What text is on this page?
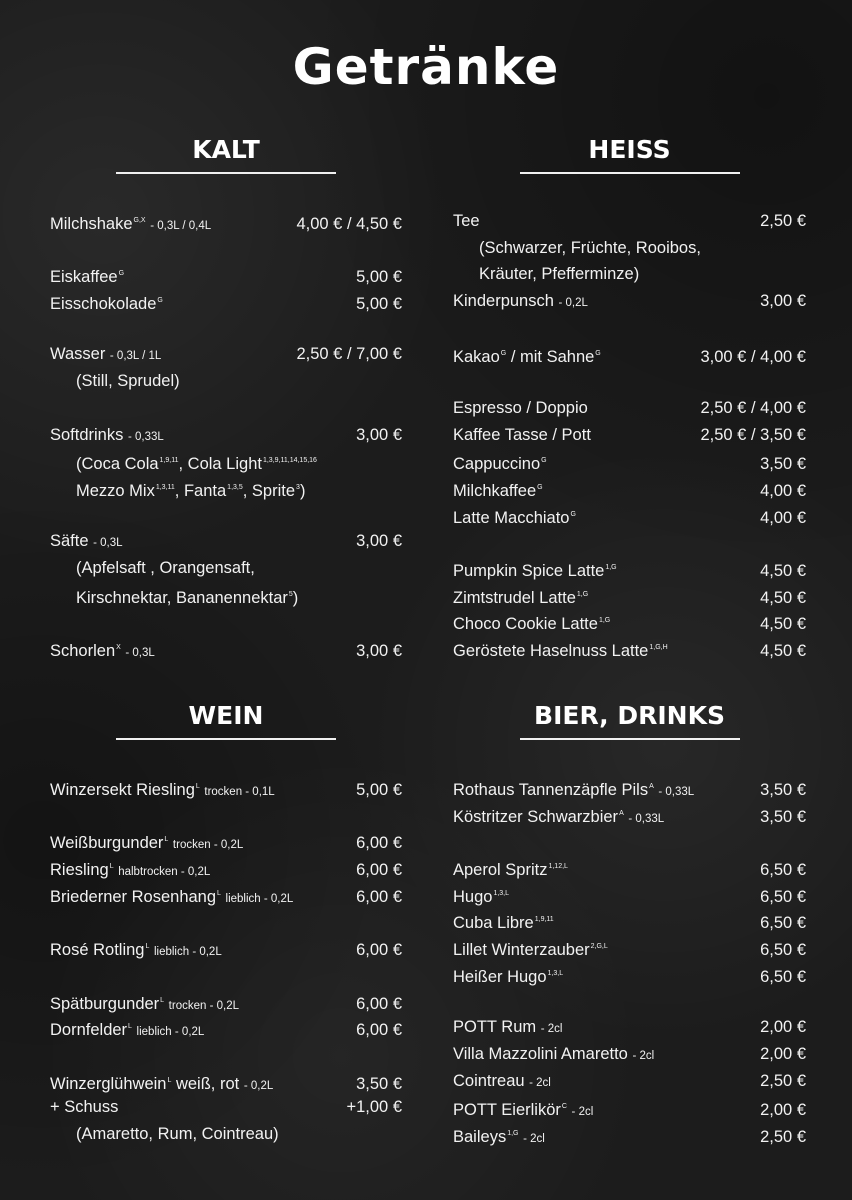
Getränke
KALT
Milchshake$^{G,X}$ - 0,3L / 0,4L	4,00 € / 4,50 €
Eiskaffee$^G$	5,00 €
Eisschokolade$^G$	5,00 €
Wasser - 0,3L / 1L	2,50 € / 7,00 €
(Still, Sprudel)
Softdrinks - 0,33L	3,00 €
(Coca Cola$^{1,9,11}$, Cola Light$^{1,3,9,11,14,15,16}$
Mezzo Mix$^{1,3,11}$, Fanta$^{1,3,5}$, Sprite$^3$)
Säfte - 0,3L	3,00 €
(Apfelsaft , Orangensaft,
Kirschnektar, Bananennektar$^5$)
Schorlen$^X$ - 0,3L	3,00 €
HEISS
Tee	2,50 €
(Schwarzer, Früchte, Rooibos,
Kräuter, Pfefferminze)
Kinderpunsch - 0,2L	3,00 €
Kakao$^G$ / mit Sahne$^G$	3,00 € / 4,00 €
Espresso / Doppio	2,50 € / 4,00 €
Kaffee Tasse / Pott	2,50 € / 3,50 €
Cappuccino$^G$	3,50 €
Milchkaffee$^G$	4,00 €
Latte Macchiato$^G$	4,00 €
Pumpkin Spice Latte$^{1,G}$	4,50 €
Zimtstrudel Latte$^{1,G}$	4,50 €
Choco Cookie Latte$^{1,G}$	4,50 €
Geröstete Haselnuss Latte$^{1,G,H}$	4,50 €
WEIN
Winzersekt Riesling$^L$ trocken - 0,1L	5,00 €
Weißburgunder$^L$ trocken - 0,2L	6,00 €
Riesling$^L$ halbtrocken - 0,2L	6,00 €
Briederner Rosenhang$^L$ lieblich - 0,2L	6,00 €
Rosé Rotling$^L$ lieblich - 0,2L	6,00 €
Spätburgunder$^L$ trocken - 0,2L	6,00 €
Dornfelder$^L$ lieblich - 0,2L	6,00 €
Winzerglühwein$^L$ weiß, rot - 0,2L	3,50 €
+ Schuss	+1,00 €
(Amaretto, Rum, Cointreau)
BIER, DRINKS
Rothaus Tannenzäpfle Pils$^A$ - 0,33L	3,50 €
Köstritzer Schwarzbier$^A$ - 0,33L	3,50 €
Aperol Spritz$^{1,12,L}$	6,50 €
Hugo$^{1,3,L}$	6,50 €
Cuba Libre$^{1,9,11}$	6,50 €
Lillet Winterzauber$^{2,G,L}$	6,50 €
Heißer Hugo$^{1,3,L}$	6,50 €
POTT Rum - 2cl	2,00 €
Villa Mazzolini Amaretto - 2cl	2,00 €
Cointreau - 2cl	2,50 €
POTT Eierlikör$^C$ - 2cl	2,00 €
Baileys$^{1,G}$ - 2cl	2,50 €
